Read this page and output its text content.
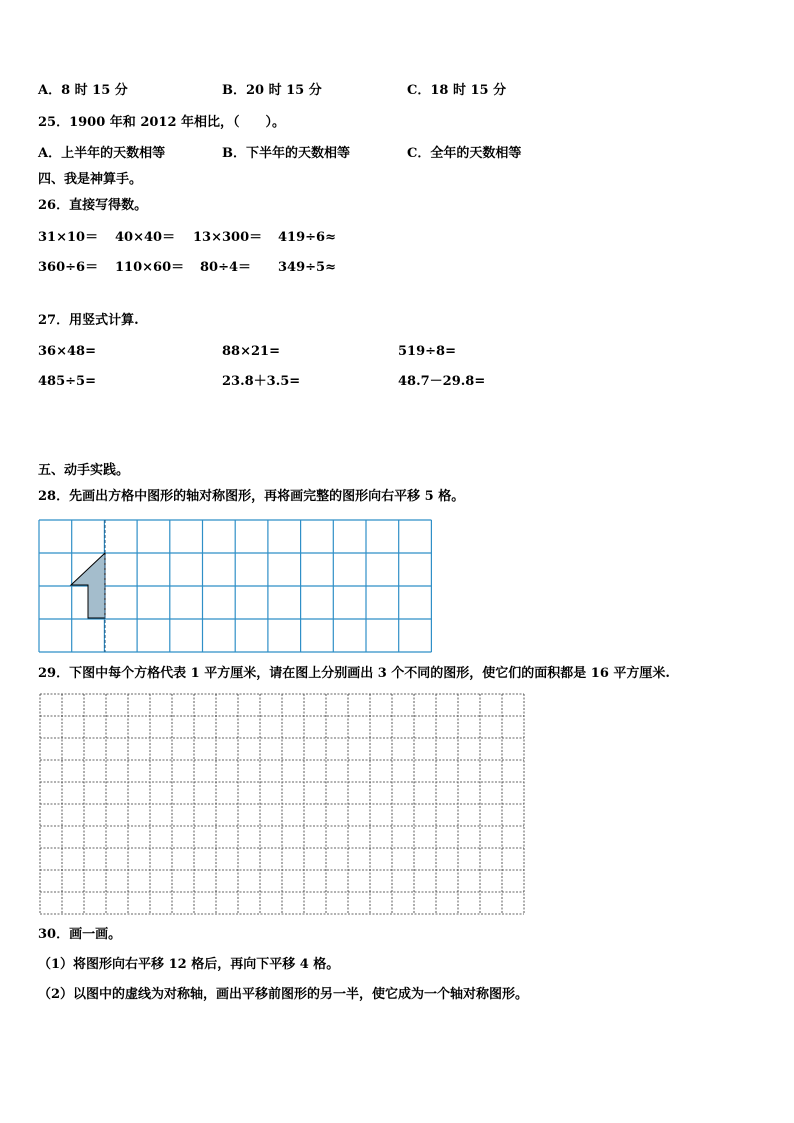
A．8 时 15 分	B．20 时 15 分	C．18 时 15 分
25．1900 年和 2012 年相比，（　　）。
A．上半年的天数相等	B．下半年的天数相等	C．全年的天数相等
四、我是神算手。
26．直接写得数。
31×10＝ 40×40＝ 13×300＝ 419÷6≈
360÷6＝ 110×60＝ 80÷4＝ 349÷5≈
27．用竖式计算.
36×48=	88×21=	519÷8=
485÷5=	23.8＋3.5=	48.7－29.8=
五、动手实践。
28．先画出方格中图形的轴对称图形，再将画完整的图形向右平移 5 格。
29．下图中每个方格代表 1 平方厘米，请在图上分别画出 3 个不同的图形，使它们的面积都是 16 平方厘米.
30．画一画。
（1）将图形向右平移 12 格后，再向下平移 4 格。
（2）以图中的虚线为对称轴，画出平移前图形的另一半，使它成为一个轴对称图形。
